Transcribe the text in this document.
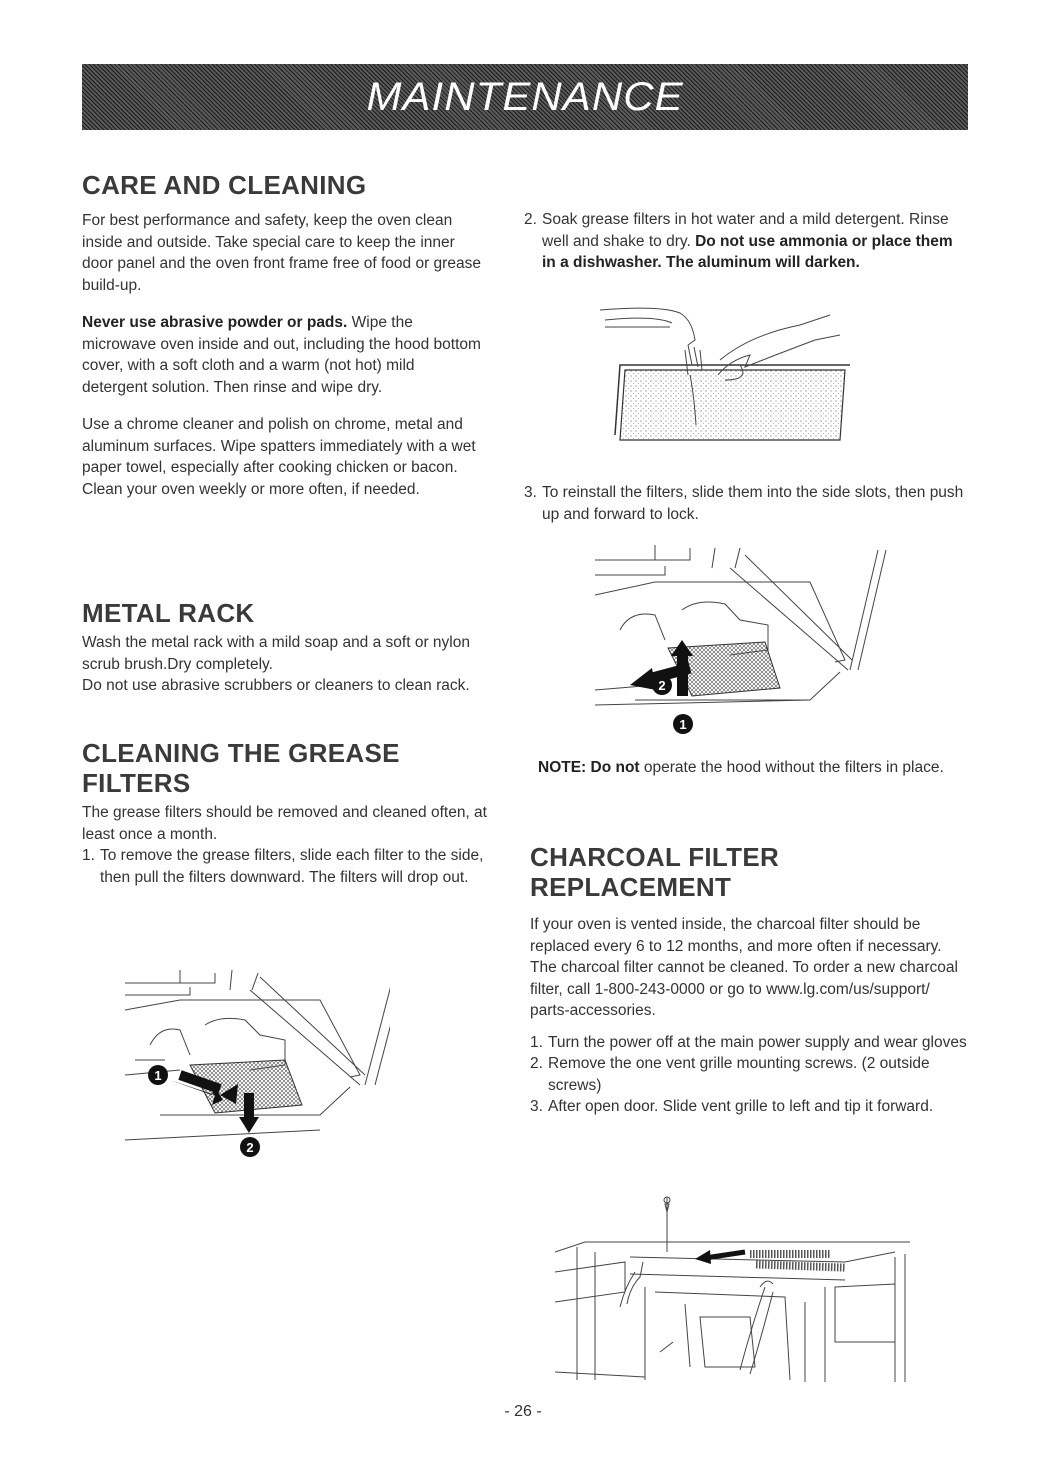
MAINTENANCE
CARE AND CLEANING

For best performance and safety, keep the oven clean inside and outside. Take special care to keep the inner door panel and the oven front frame free of food or grease build-up.

Never use abrasive powder or pads. Wipe the microwave oven inside and out, including the hood bottom cover, with a soft cloth and a warm (not hot) mild detergent solution. Then rinse and wipe dry.

Use a chrome cleaner and polish on chrome, metal and aluminum surfaces. Wipe spatters immediately with a wet paper towel, especially after cooking chicken or bacon. Clean your oven weekly or more often, if needed.

METAL RACK

Wash the metal rack with a mild soap and a soft or nylon scrub brush.Dry completely.

Do not use abrasive scrubbers or cleaners to clean rack.

CLEANING THE GREASE
FILTERS

The grease filters should be removed and cleaned often, at least once a month.

1. To remove the grease filters, slide each filter to the side, then pull the filters downward. The filters will drop out.
1
2
2. Soak grease filters in hot water and a mild detergent. Rinse well and shake to dry. Do not use ammonia or place them in a dishwasher. The aluminum will darken.
3. To reinstall the filters, slide them into the side slots, then push up and forward to lock.
2
1

NOTE: Do not operate the hood without the filters in place.

CHARCOAL FILTER
REPLACEMENT

If your oven is vented inside, the charcoal filter should be replaced every 6 to 12 months, and more often if necessary. The charcoal filter cannot be cleaned. To order a new charcoal filter, call 1-800-243-0000 or go to www.lg.com/us/support/ parts-accessories.

1. Turn the power off at the main power supply and wear gloves
2. Remove the one vent grille mounting screws. (2 outside screws)
3. After open door. Slide vent grille to left and tip it forward.
- 26 -
